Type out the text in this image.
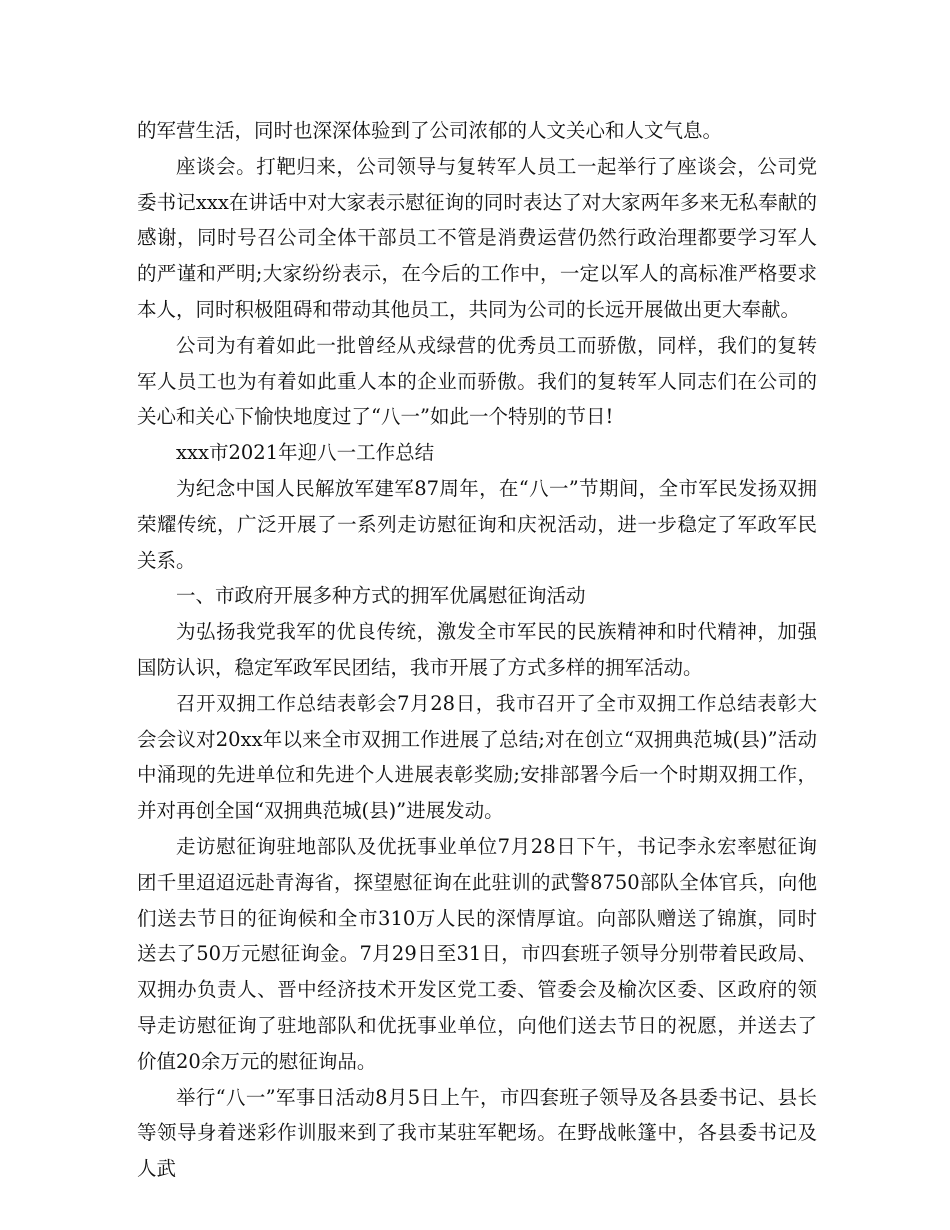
的军营生活，同时也深深体验到了公司浓郁的人文关心和人文气息。

座谈会。打靶归来，公司领导与复转军人员工一起举行了座谈会，公司党委书记xxx在讲话中对大家表示慰征询的同时表达了对大家两年多来无私奉献的感谢，同时号召公司全体干部员工不管是消费运营仍然行政治理都要学习军人的严谨和严明;大家纷纷表示，在今后的工作中，一定以军人的高标准严格要求本人，同时积极阻碍和带动其他员工，共同为公司的长远开展做出更大奉献。

公司为有着如此一批曾经从戎绿营的优秀员工而骄傲，同样，我们的复转军人员工也为有着如此重人本的企业而骄傲。我们的复转军人同志们在公司的关心和关心下愉快地度过了“八一”如此一个特别的节日!

xxx市2021年迎八一工作总结

为纪念中国人民解放军建军87周年，在“八一”节期间，全市军民发扬双拥荣耀传统，广泛开展了一系列走访慰征询和庆祝活动，进一步稳定了军政军民关系。

一、市政府开展多种方式的拥军优属慰征询活动

为弘扬我党我军的优良传统，激发全市军民的民族精神和时代精神，加强国防认识，稳定军政军民团结，我市开展了方式多样的拥军活动。

召开双拥工作总结表彰会7月28日，我市召开了全市双拥工作总结表彰大会会议对20xx年以来全市双拥工作进展了总结;对在创立“双拥典范城(县)”活动中涌现的先进单位和先进个人进展表彰奖励;安排部署今后一个时期双拥工作，并对再创全国“双拥典范城(县)”进展发动。

走访慰征询驻地部队及优抚事业单位7月28日下午，书记李永宏率慰征询团千里迢迢远赴青海省，探望慰征询在此驻训的武警8750部队全体官兵，向他们送去节日的征询候和全市310万人民的深情厚谊。向部队赠送了锦旗，同时送去了50万元慰征询金。7月29日至31日，市四套班子领导分别带着民政局、双拥办负责人、晋中经济技术开发区党工委、管委会及榆次区委、区政府的领导走访慰征询了驻地部队和优抚事业单位，向他们送去节日的祝愿，并送去了价值20余万元的慰征询品。

举行“八一”军事日活动8月5日上午，市四套班子领导及各县委书记、县长等领导身着迷彩作训服来到了我市某驻军靶场。在野战帐篷中，各县委书记及人武
